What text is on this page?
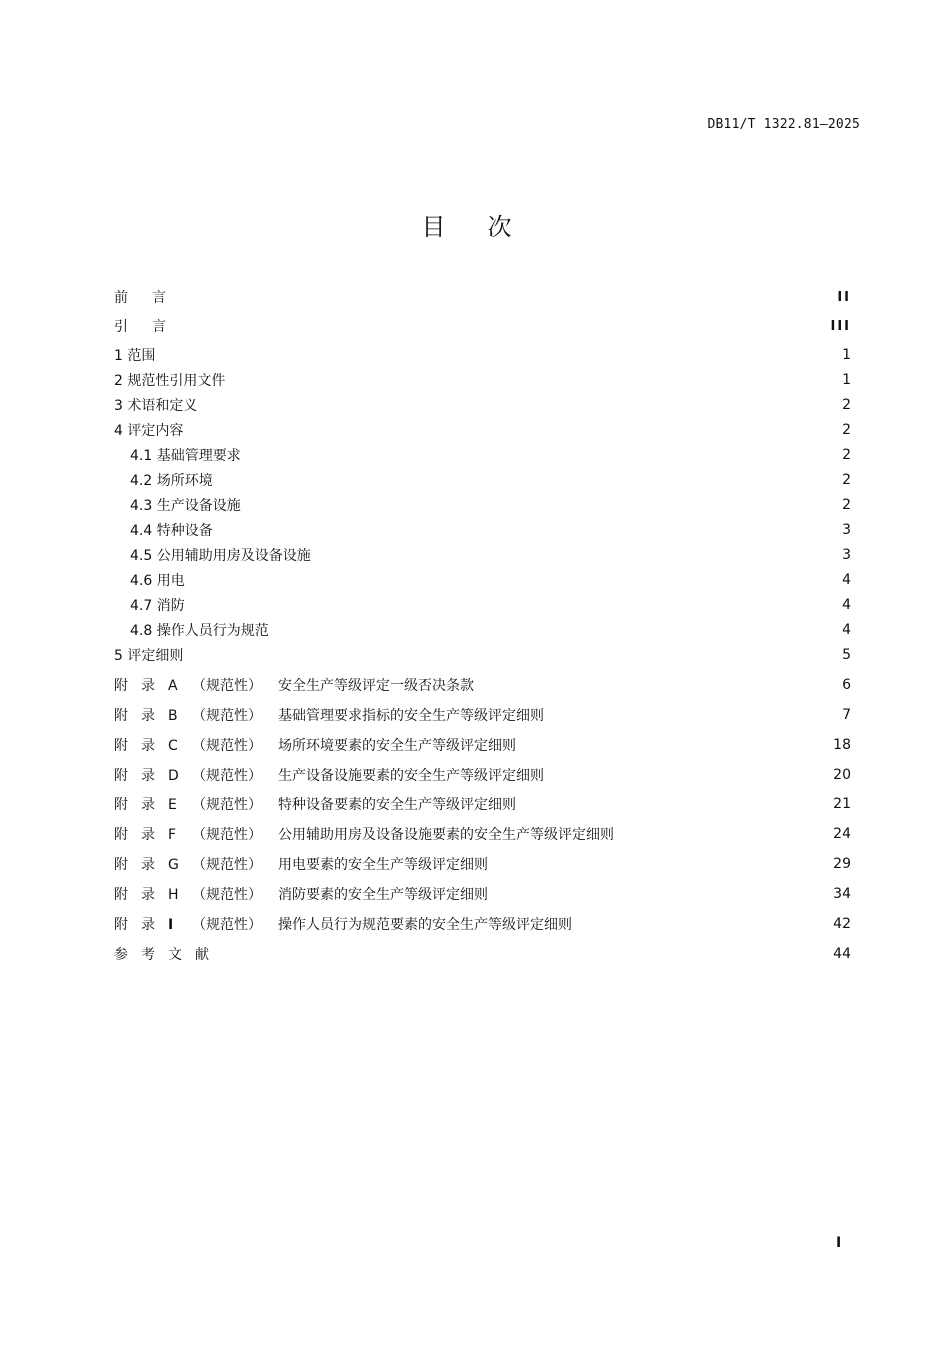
DB11/T 1322.81—2025
目次
前言	II
引言	III
1 范围	1
2 规范性引用文件	1
3 术语和定义	2
4 评定内容	2
4.1 基础管理要求	2
4.2 场所环境	2
4.3 生产设备设施	2
4.4 特种设备	3
4.5 公用辅助用房及设备设施	3
4.6 用电	4
4.7 消防	4
4.8 操作人员行为规范	4
5 评定细则	5
附录A （规范性） 安全生产等级评定一级否决条款	6
附录B （规范性） 基础管理要求指标的安全生产等级评定细则	7
附录C （规范性） 场所环境要素的安全生产等级评定细则	18
附录D （规范性） 生产设备设施要素的安全生产等级评定细则	20
附录E （规范性） 特种设备要素的安全生产等级评定细则	21
附录F （规范性） 公用辅助用房及设备设施要素的安全生产等级评定细则	24
附录G （规范性） 用电要素的安全生产等级评定细则	29
附录H （规范性） 消防要素的安全生产等级评定细则	34
附录I （规范性） 操作人员行为规范要素的安全生产等级评定细则	42
参考文献	44
I
